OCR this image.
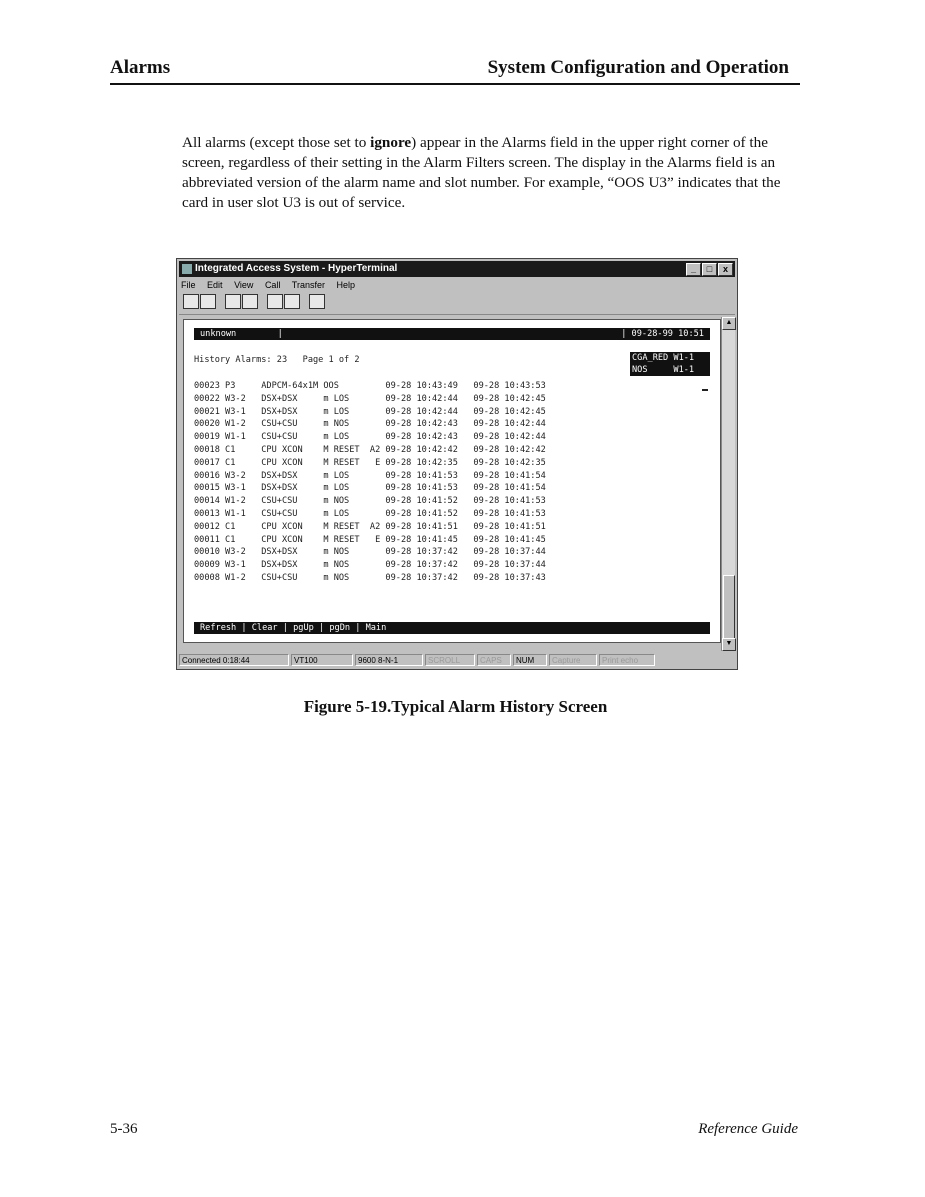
Alarms	System Configuration and Operation

All alarms (except those set to ignore) appear in the Alarms field in the upper right corner of the screen, regardless of their setting in the Alarm Filters screen. The display in the Alarms field is an abbreviated version of the alarm name and slot number. For example, “OOS U3” indicates that the card in user slot U3 is out of service.

Integrated Access System - HyperTerminal	_ □ x
File Edit View Call Transfer Help
unknown        |	| 09-28-99 10:51
History Alarms: 23   Page 1 of 2	CGA_RED W1-1
NOS     W1-1
00023 P3     ADPCM-64x1M OOS         09-28 10:43:49   09-28 10:43:53
00022 W3-2   DSX+DSX     m LOS       09-28 10:42:44   09-28 10:42:45
00021 W3-1   DSX+DSX     m LOS       09-28 10:42:44   09-28 10:42:45
00020 W1-2   CSU+CSU     m NOS       09-28 10:42:43   09-28 10:42:44
00019 W1-1   CSU+CSU     m LOS       09-28 10:42:43   09-28 10:42:44
00018 C1     CPU XCON    M RESET  A2 09-28 10:42:42   09-28 10:42:42
00017 C1     CPU XCON    M RESET   E 09-28 10:42:35   09-28 10:42:35
00016 W3-2   DSX+DSX     m LOS       09-28 10:41:53   09-28 10:41:54
00015 W3-1   DSX+DSX     m LOS       09-28 10:41:53   09-28 10:41:54
00014 W1-2   CSU+CSU     m NOS       09-28 10:41:52   09-28 10:41:53
00013 W1-1   CSU+CSU     m LOS       09-28 10:41:52   09-28 10:41:53
00012 C1     CPU XCON    M RESET  A2 09-28 10:41:51   09-28 10:41:51
00011 C1     CPU XCON    M RESET   E 09-28 10:41:45   09-28 10:41:45
00010 W3-2   DSX+DSX     m NOS       09-28 10:37:42   09-28 10:37:44
00009 W3-1   DSX+DSX     m NOS       09-28 10:37:42   09-28 10:37:44
00008 W1-2   CSU+CSU     m NOS       09-28 10:37:42   09-28 10:37:43
Refresh | Clear | pgUp | pgDn | Main
▲
▼
Connected 0:18:44	VT100	9600 8-N-1	SCROLL	CAPS	NUM	Capture	Print echo
Figure 5-19.Typical Alarm History Screen
5-36	Reference Guide
